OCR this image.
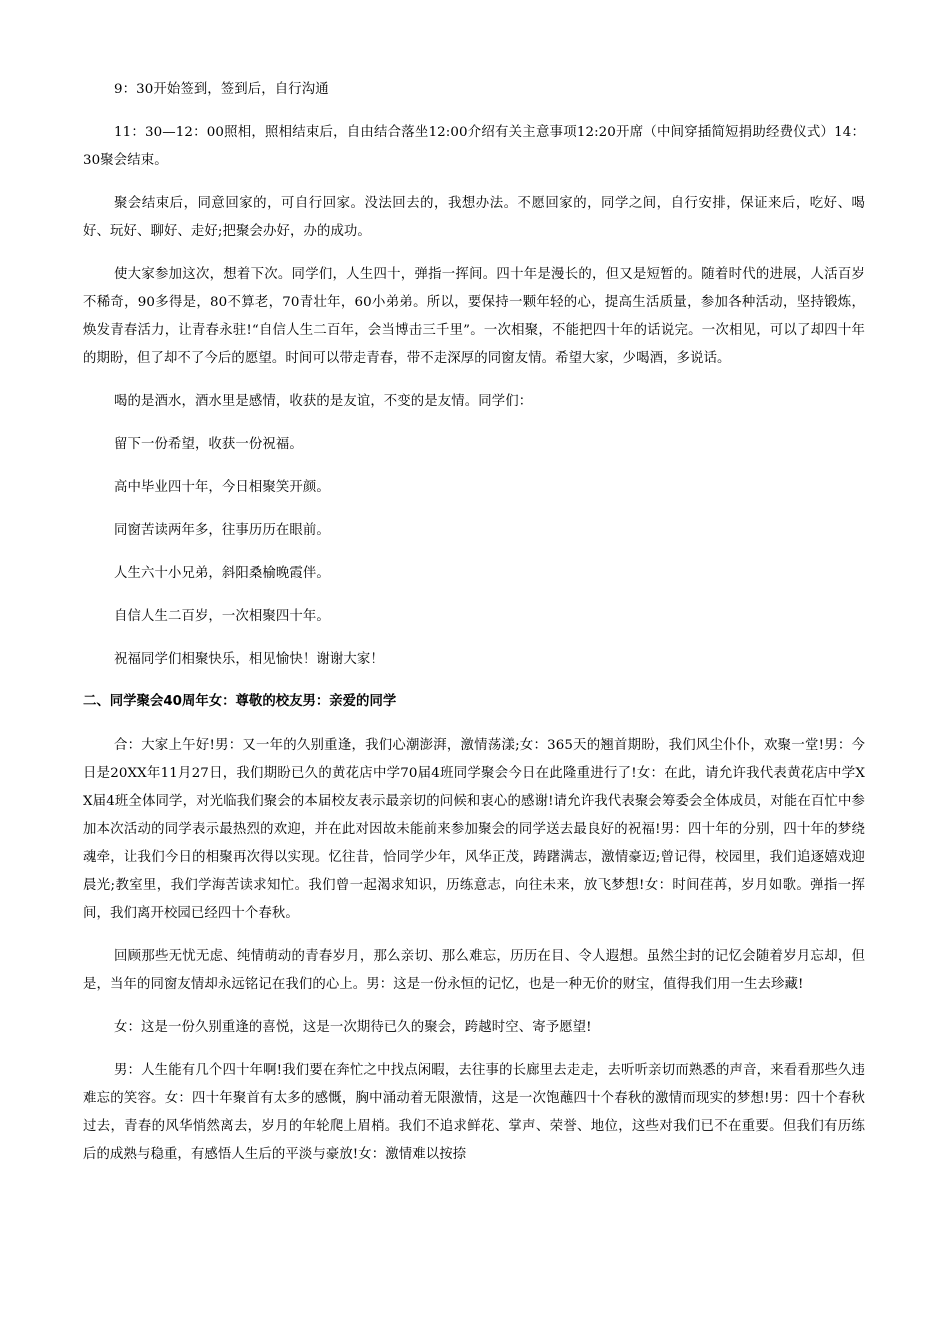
9：30开始签到，签到后，自行沟通

11：30—12：00照相，照相结束后，自由结合落坐12:00介绍有关主意事项12:20开席（中间穿插简短捐助经费仪式）14：30聚会结束。

聚会结束后，同意回家的，可自行回家。没法回去的，我想办法。不愿回家的，同学之间，自行安排，保证来后，吃好、喝好、玩好、聊好、走好;把聚会办好，办的成功。

使大家参加这次，想着下次。同学们，人生四十，弹指一挥间。四十年是漫长的，但又是短暂的。随着时代的进展，人活百岁不稀奇，90多得是，80不算老，70青壮年，60小弟弟。所以，要保持一颗年轻的心，提高生活质量，参加各种活动，坚持锻炼，焕发青春活力，让青春永驻!“自信人生二百年，会当博击三千里”。一次相聚，不能把四十年的话说完。一次相见，可以了却四十年的期盼，但了却不了今后的愿望。时间可以带走青春，带不走深厚的同窗友情。希望大家，少喝酒，多说话。

喝的是酒水，酒水里是感情，收获的是友谊，不变的是友情。同学们：

留下一份希望，收获一份祝福。

高中毕业四十年，今日相聚笑开颜。

同窗苦读两年多，往事历历在眼前。

人生六十小兄弟，斜阳桑榆晚霞伴。

自信人生二百岁，一次相聚四十年。

祝福同学们相聚快乐，相见愉快！谢谢大家！

二、同学聚会40周年女：尊敬的校友男：亲爱的同学

合：大家上午好!男：又一年的久别重逢，我们心潮澎湃，激情荡漾;女：365天的翘首期盼，我们风尘仆仆，欢聚一堂!男：今日是20XX年11月27日，我们期盼已久的黄花店中学70届4班同学聚会今日在此隆重进行了!女：在此，请允许我代表黄花店中学XX届4班全体同学，对光临我们聚会的本届校友表示最亲切的问候和衷心的感谢!请允许我代表聚会筹委会全体成员，对能在百忙中参加本次活动的同学表示最热烈的欢迎，并在此对因故未能前来参加聚会的同学送去最良好的祝福!男：四十年的分别，四十年的梦绕魂牵，让我们今日的相聚再次得以实现。忆往昔，恰同学少年，风华正茂，踌躇满志，激情豪迈;曾记得，校园里，我们追逐嬉戏迎晨光;教室里，我们学海苦读求知忙。我们曾一起渴求知识，历练意志，向往未来，放飞梦想!女：时间荏苒，岁月如歌。弹指一挥间，我们离开校园已经四十个春秋。

回顾那些无忧无虑、纯情萌动的青春岁月，那么亲切、那么难忘，历历在目、令人遐想。虽然尘封的记忆会随着岁月忘却，但是，当年的同窗友情却永远铭记在我们的心上。男：这是一份永恒的记忆，也是一种无价的财宝，值得我们用一生去珍藏!

女：这是一份久别重逢的喜悦，这是一次期待已久的聚会，跨越时空、寄予愿望!

男：人生能有几个四十年啊!我们要在奔忙之中找点闲暇，去往事的长廊里去走走，去听听亲切而熟悉的声音，来看看那些久违难忘的笑容。女：四十年聚首有太多的感慨，胸中涌动着无限激情，这是一次饱蘸四十个春秋的激情而现实的梦想!男：四十个春秋过去，青春的风华悄然离去，岁月的年轮爬上眉梢。我们不追求鲜花、掌声、荣誉、地位，这些对我们已不在重要。但我们有历练后的成熟与稳重，有感悟人生后的平淡与豪放!女：激情难以按捺
